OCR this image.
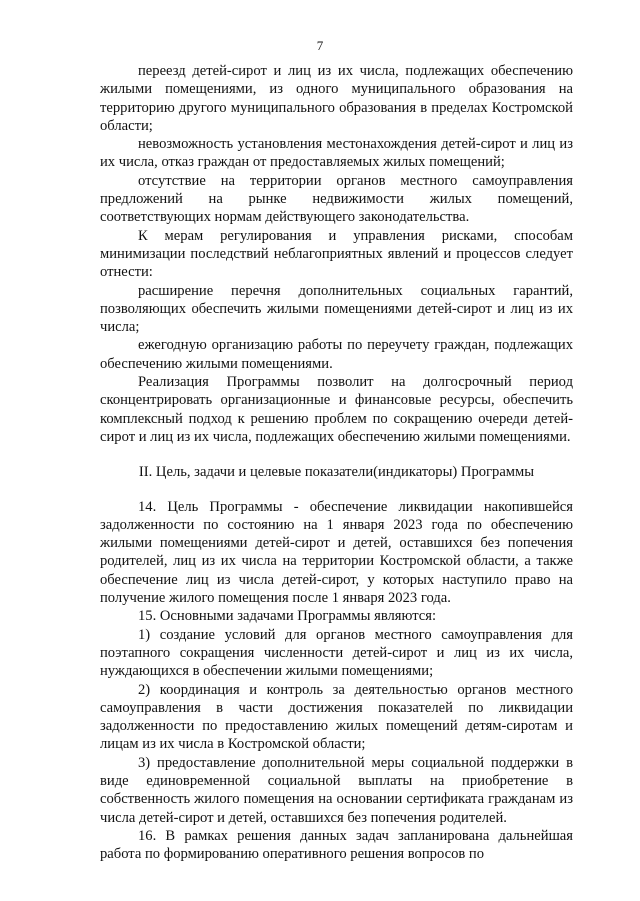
7

переезд детей-сирот и лиц из их числа, подлежащих обеспечению жилыми помещениями, из одного муниципального образования на территорию другого муниципального образования в пределах Костромской области;

невозможность установления местонахождения детей-сирот и лиц из их числа, отказ граждан от предоставляемых жилых помещений;

отсутствие на территории органов местного самоуправления предложений на рынке недвижимости жилых помещений, соответствующих нормам действующего законодательства.

К мерам регулирования и управления рисками, способам минимизации последствий неблагоприятных явлений и процессов следует отнести:

расширение перечня дополнительных социальных гарантий, позволяющих обеспечить жилыми помещениями детей-сирот и лиц из их числа;

ежегодную организацию работы по переучету граждан, подлежащих обеспечению жилыми помещениями.

Реализация Программы позволит на долгосрочный период сконцентрировать организационные и финансовые ресурсы, обеспечить комплексный подход к решению проблем по сокращению очереди детей-сирот и лиц из их числа, подлежащих обеспечению жилыми помещениями.

II. Цель, задачи и целевые показатели(индикаторы) Программы

14. Цель Программы - обеспечение ликвидации накопившейся задолженности по состоянию на 1 января 2023 года по обеспечению жилыми помещениями детей-сирот и детей, оставшихся без попечения родителей, лиц из их числа на территории Костромской области, а также обеспечение лиц из числа детей-сирот, у которых наступило право на получение жилого помещения после 1 января 2023 года.

15. Основными задачами Программы являются:

1) создание условий для органов местного самоуправления для поэтапного сокращения численности детей-сирот и лиц из их числа, нуждающихся в обеспечении жилыми помещениями;

2) координация и контроль за деятельностью органов местного самоуправления в части достижения показателей по ликвидации задолженности по предоставлению жилых помещений детям-сиротам и лицам из их числа в Костромской области;

3) предоставление дополнительной меры социальной поддержки в виде единовременной социальной выплаты на приобретение в собственность жилого помещения на основании сертификата гражданам из числа детей-сирот и детей, оставшихся без попечения родителей.

16. В рамках решения данных задач запланирована дальнейшая работа по формированию оперативного решения вопросов по
